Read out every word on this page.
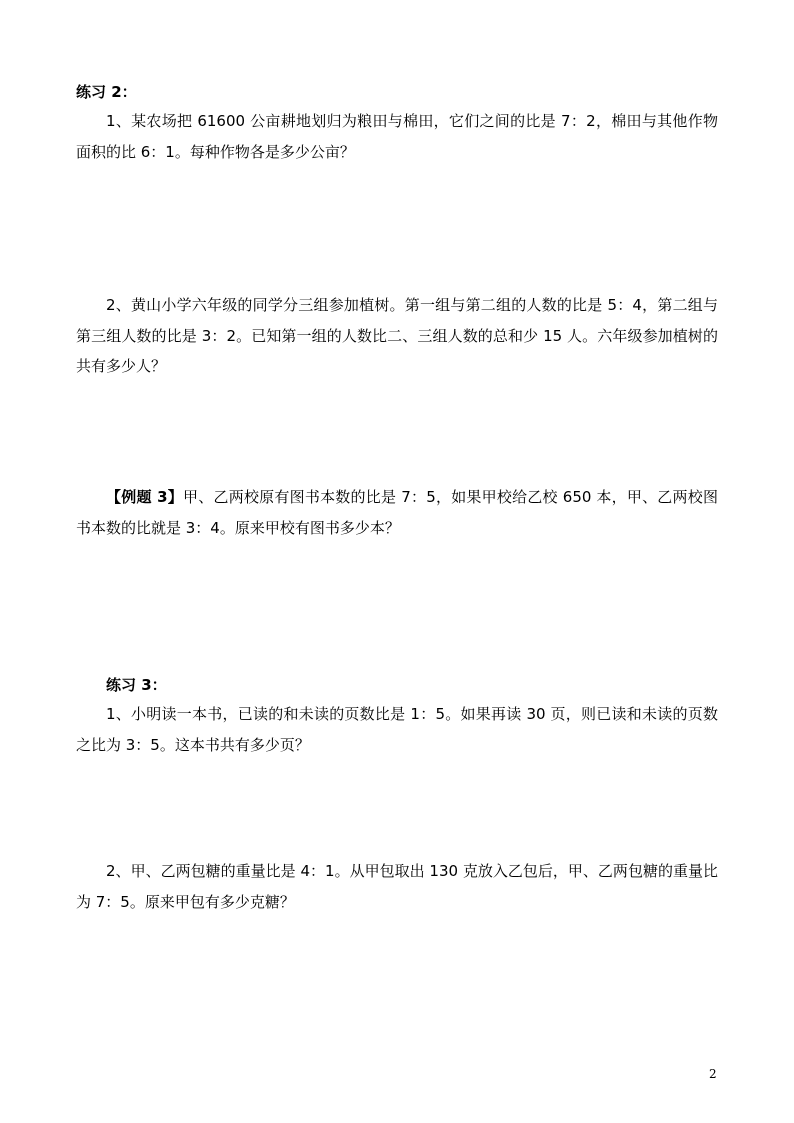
练习 2：

1、某农场把 61600 公亩耕地划归为粮田与棉田，它们之间的比是 7：2，棉田与其他作物面积的比 6：1。每种作物各是多少公亩？

2、黄山小学六年级的同学分三组参加植树。第一组与第二组的人数的比是 5：4，第二组与第三组人数的比是 3：2。已知第一组的人数比二、三组人数的总和少 15 人。六年级参加植树的共有多少人？

【例题 3】甲、乙两校原有图书本数的比是 7：5，如果甲校给乙校 650 本，甲、乙两校图书本数的比就是 3：4。原来甲校有图书多少本？

练习 3：

1、小明读一本书，已读的和未读的页数比是 1：5。如果再读 30 页，则已读和未读的页数之比为 3：5。这本书共有多少页？

2、甲、乙两包糖的重量比是 4：1。从甲包取出 130 克放入乙包后，甲、乙两包糖的重量比为 7：5。原来甲包有多少克糖？

2
